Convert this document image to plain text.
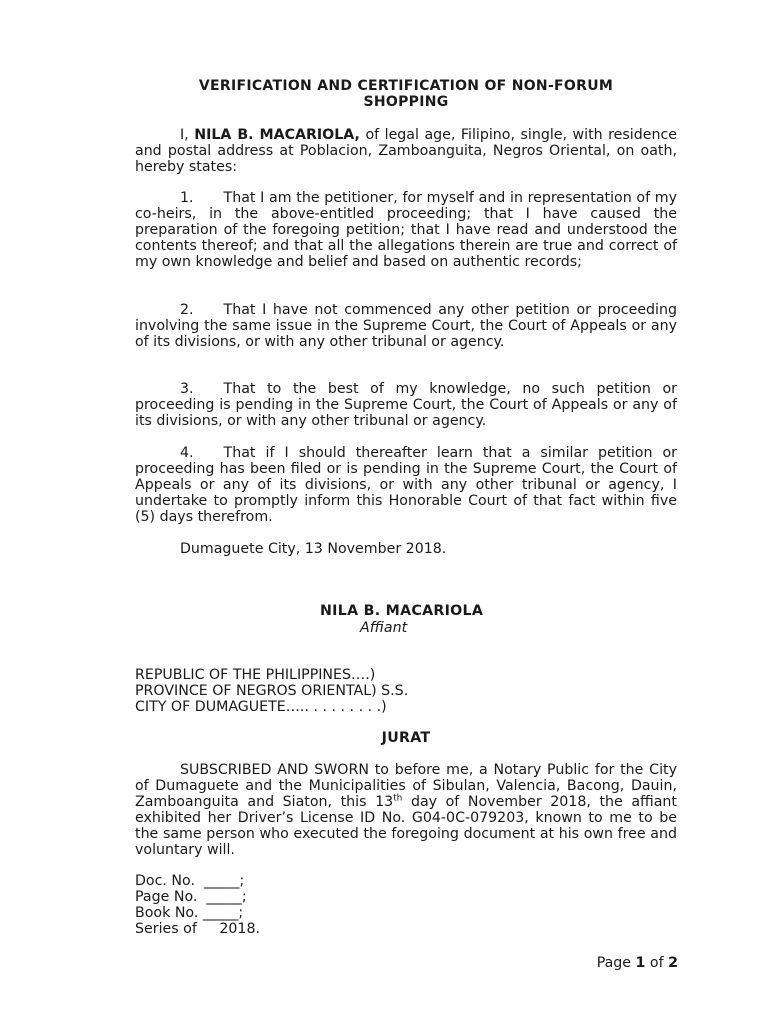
VERIFICATION AND CERTIFICATION OF NON-FORUM
SHOPPING

I, NILA B. MACARIOLA, of legal age, Filipino, single, with residence and postal address at Poblacion, Zamboanguita, Negros Oriental, on oath, hereby states:

1. That I am the petitioner, for myself and in representation of my co-heirs, in the above-entitled proceeding; that I have caused the preparation of the foregoing petition; that I have read and understood the contents thereof; and that all the allegations therein are true and correct of my own knowledge and belief and based on authentic records;

2. That I have not commenced any other petition or proceeding involving the same issue in the Supreme Court, the Court of Appeals or any of its divisions, or with any other tribunal or agency.

3. That to the best of my knowledge, no such petition or proceeding is pending in the Supreme Court, the Court of Appeals or any of its divisions, or with any other tribunal or agency.

4. That if I should thereafter learn that a similar petition or proceeding has been filed or is pending in the Supreme Court, the Court of Appeals or any of its divisions, or with any other tribunal or agency, I undertake to promptly inform this Honorable Court of that fact within five (5) days therefrom.

Dumaguete City, 13 November 2018.

NILA B. MACARIOLA
Affiant
REPUBLIC OF THE PHILIPPINES….)
PROVINCE OF NEGROS ORIENTAL) S.S.
CITY OF DUMAGUETE….. . . . . . . . .)
JURAT

SUBSCRIBED AND SWORN to before me, a Notary Public for the City of Dumaguete and the Municipalities of Sibulan, Valencia, Bacong, Dauin, Zamboanguita and Siaton, this 13th day of November 2018, the affiant exhibited her Driver’s License ID No. G04-0C-079203, known to me to be the same person who executed the foregoing document at his own free and voluntary will.

Doc. No.  _____;
Page No.  _____;
Book No. _____;
Series of     2018.
Page 1 of 2
